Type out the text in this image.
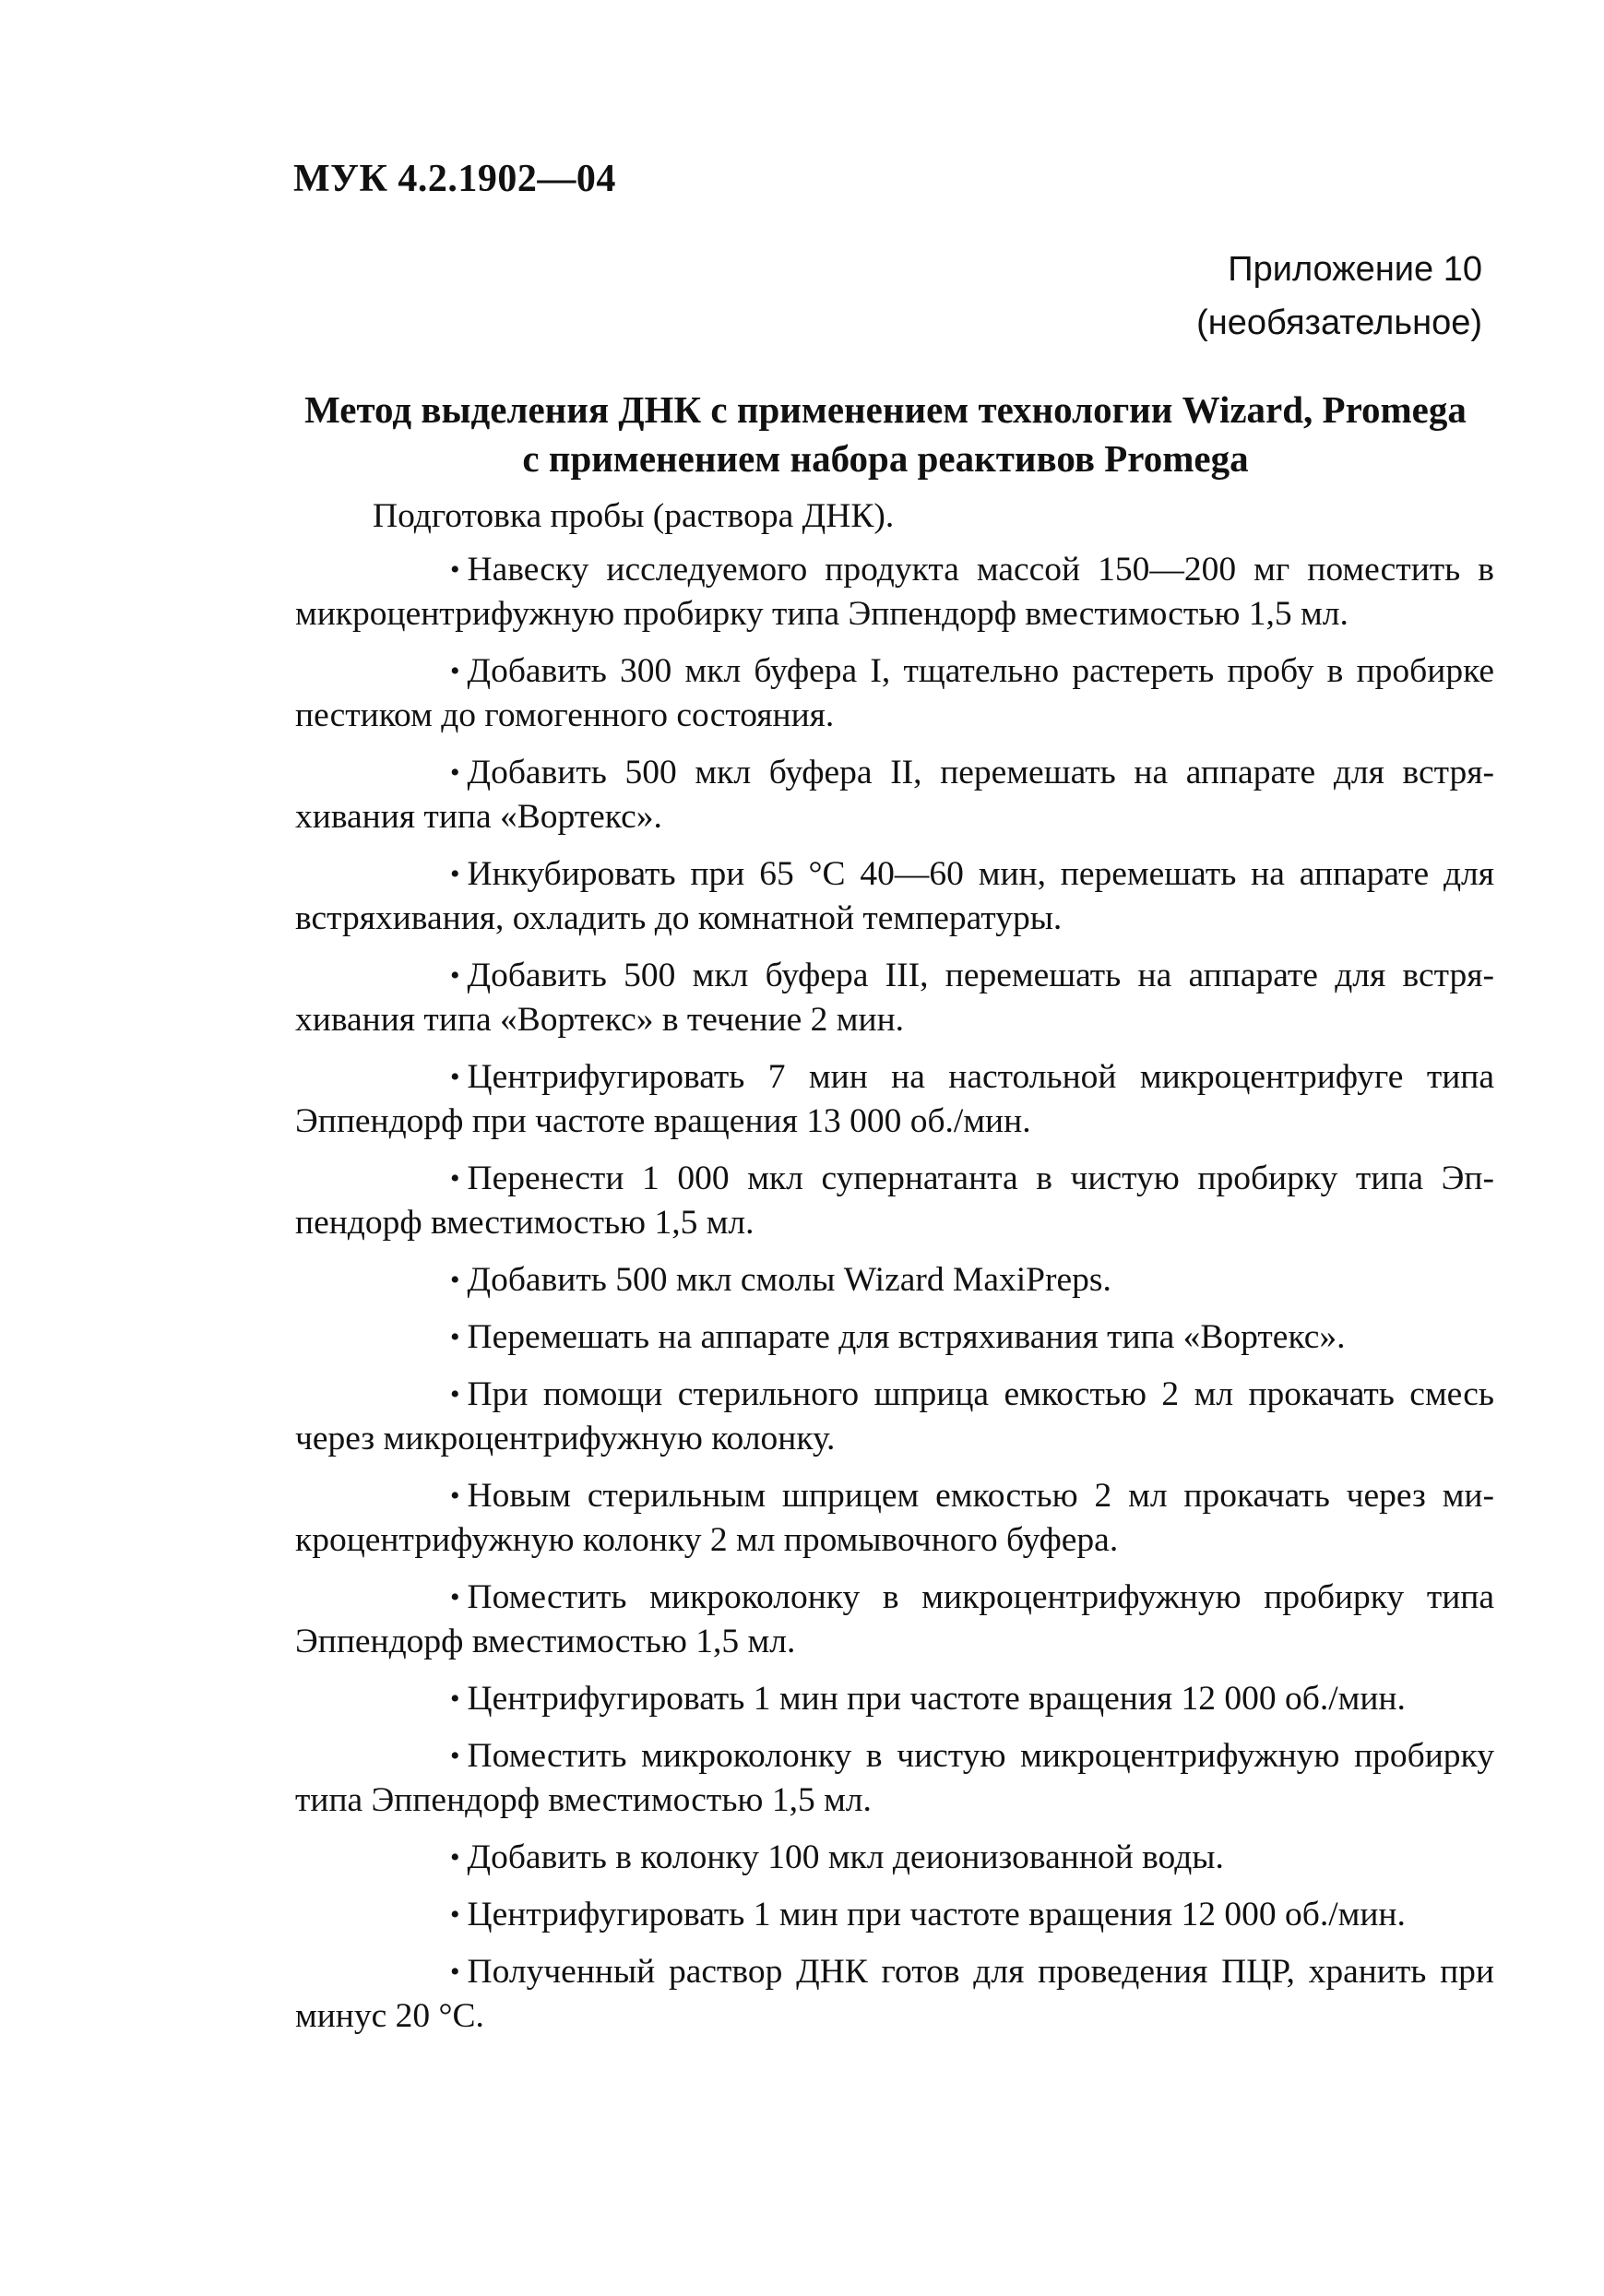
МУК 4.2.1902—04
Приложение 10
(необязательное)
Метод выделения ДНК с применением технологии Wizard, Promega
с применением набора реактивов Promega

Подготовка пробы (раствора ДНК).

• Навеску исследуемого продукта массой 150—200 мг поместить в микроцентрифужную пробирку типа Эппендорф вместимостью 1,5 мл.

• Добавить 300 мкл буфера I, тщательно растереть пробу в пробирке пестиком до гомогенного состояния.

• Добавить 500 мкл буфера II, перемешать на аппарате для встряхивания типа «Вортекс».

• Инкубировать при 65 °С 40—60 мин, перемешать на аппарате для встряхивания, охладить до комнатной температуры.

• Добавить 500 мкл буфера III, перемешать на аппарате для встряхивания типа «Вортекс» в течение 2 мин.

• Центрифугировать 7 мин на настольной микроцентрифуге типа Эппендорф при частоте вращения 13 000 об./мин.

• Перенести 1 000 мкл супернатанта в чистую пробирку типа Эппендорф вместимостью 1,5 мл.

• Добавить 500 мкл смолы Wizard MaxiPreps.

• Перемешать на аппарате для встряхивания типа «Вортекс».

• При помощи стерильного шприца емкостью 2 мл прокачать смесь через микроцентрифужную колонку.

• Новым стерильным шприцем емкостью 2 мл прокачать через микроцентрифужную колонку 2 мл промывочного буфера.

• Поместить микроколонку в микроцентрифужную пробирку типа Эппендорф вместимостью 1,5 мл.

• Центрифугировать 1 мин при частоте вращения 12 000 об./мин.

• Поместить микроколонку в чистую микроцентрифужную пробирку типа Эппендорф вместимостью 1,5 мл.

• Добавить в колонку 100 мкл деионизованной воды.

• Центрифугировать 1 мин при частоте вращения 12 000 об./мин.

• Полученный раствор ДНК готов для проведения ПЦР, хранить при минус 20 °С.
